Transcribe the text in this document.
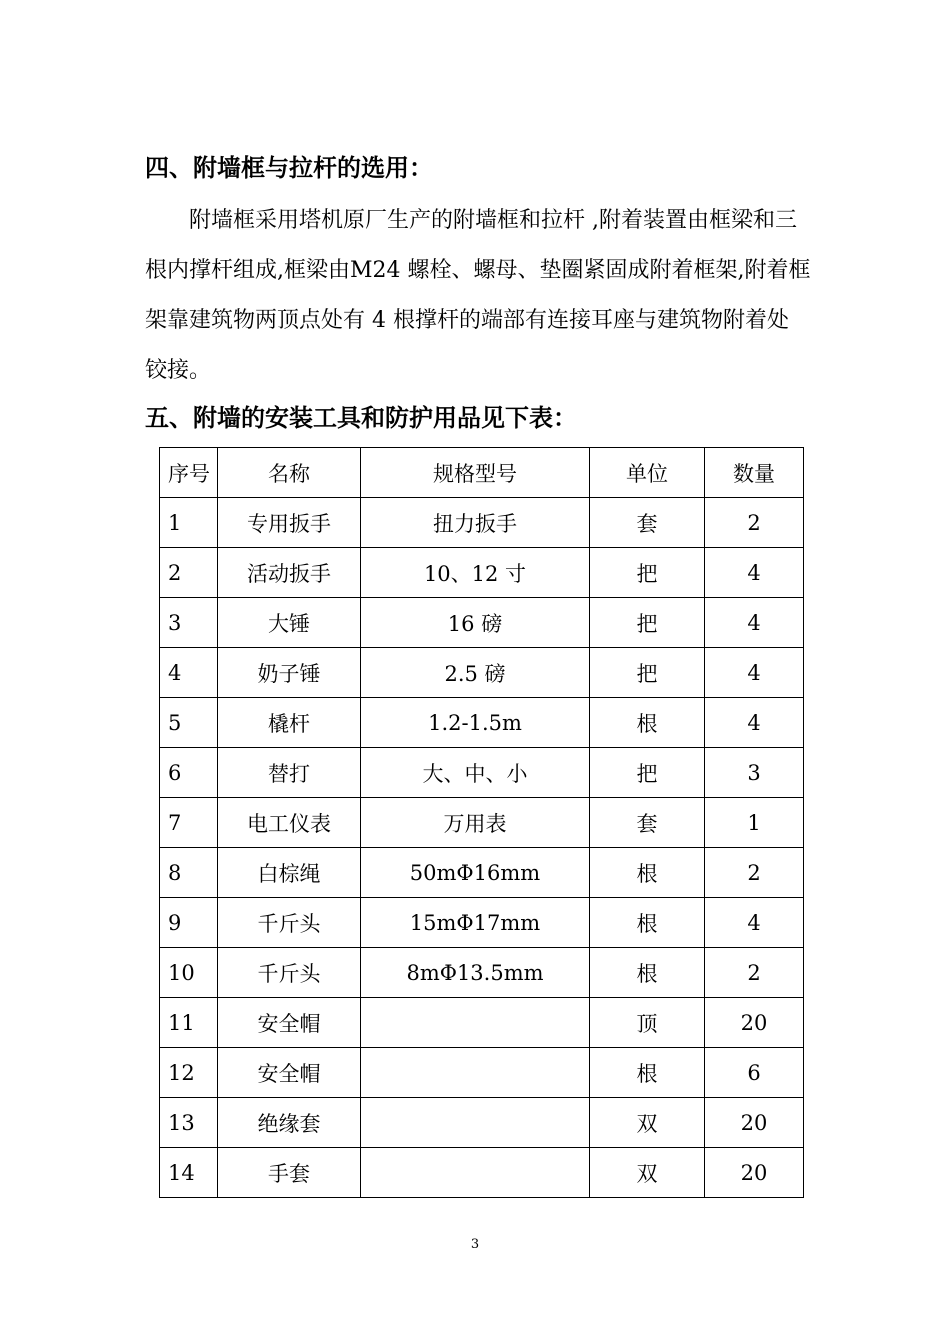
四、附墙框与拉杆的选用：
附墙框采用塔机原厂生产的附墙框和拉杆 ,附着装置由框梁和三
根内撑杆组成,框梁由M24 螺栓、螺母、垫圈紧固成附着框架,附着框
架靠建筑物两顶点处有 4 根撑杆的端部有连接耳座与建筑物附着处
铰接。
五、附墙的安装工具和防护用品见下表：
序号	名称	规格型号	单位	数量
1	专用扳手	扭力扳手	套	2
2	活动扳手	10、12 寸	把	4
3	大锤	16 磅	把	4
4	奶子锤	2.5 磅	把	4
5	橇杆	1.2-1.5m	根	4
6	替打	大、中、小	把	3
7	电工仪表	万用表	套	1
8	白棕绳	50mΦ16mm	根	2
9	千斤头	15mΦ17mm	根	4
10	千斤头	8mΦ13.5mm	根	2
11	安全帽		顶	20
12	安全帽		根	6
13	绝缘套		双	20
14	手套		双	20
3
